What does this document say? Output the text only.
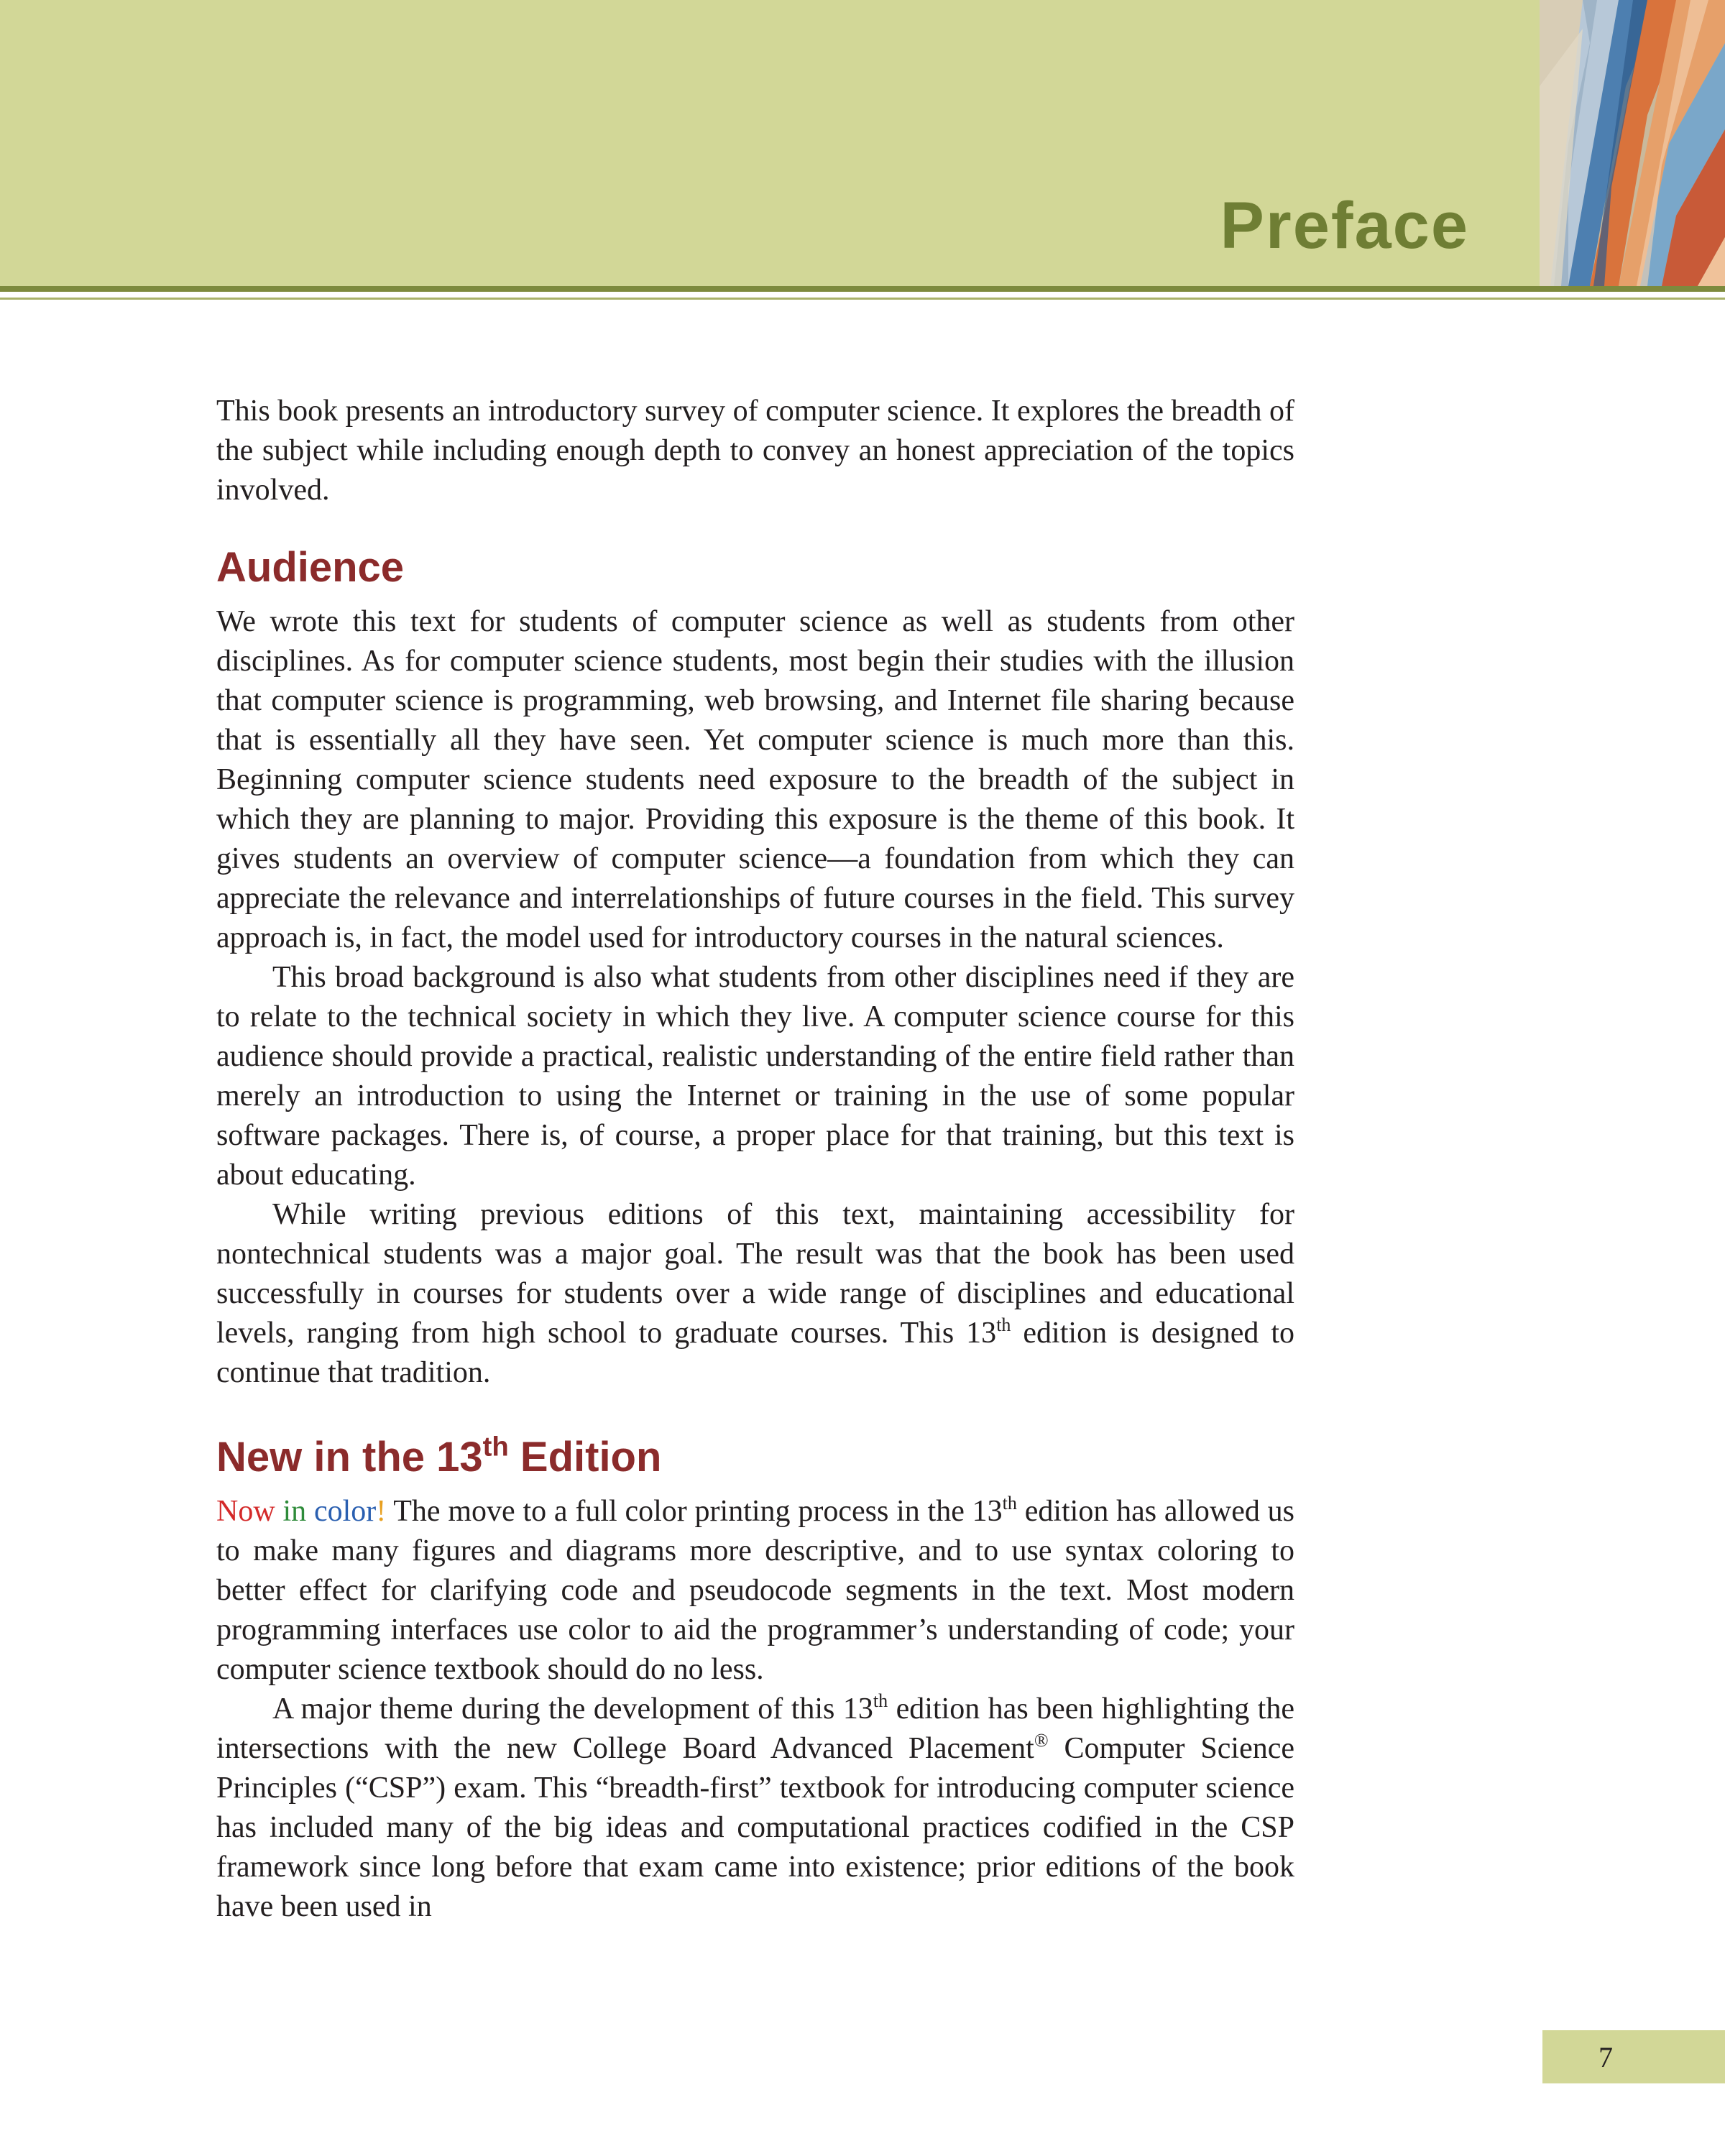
Preface

This book presents an introductory survey of computer science. It explores the breadth of the subject while including enough depth to convey an honest appreciation of the topics involved.

Audience

We wrote this text for students of computer science as well as students from other disciplines. As for computer science students, most begin their studies with the illusion that computer science is programming, web browsing, and Internet file sharing because that is essentially all they have seen. Yet computer science is much more than this. Beginning computer science students need exposure to the breadth of the subject in which they are planning to major. Providing this exposure is the theme of this book. It gives students an overview of computer science—a foundation from which they can appreciate the relevance and interrelationships of future courses in the field. This survey approach is, in fact, the model used for introductory courses in the natural sciences.

This broad background is also what students from other disciplines need if they are to relate to the technical society in which they live. A computer science course for this audience should provide a practical, realistic understanding of the entire field rather than merely an introduction to using the Internet or training in the use of some popular software packages. There is, of course, a proper place for that training, but this text is about educating.

While writing previous editions of this text, maintaining accessibility for nontechnical students was a major goal. The result was that the book has been used successfully in courses for students over a wide range of disciplines and educational levels, ranging from high school to graduate courses. This 13th edition is designed to continue that tradition.

New in the 13th Edition

Now in color! The move to a full color printing process in the 13th edition has allowed us to make many figures and diagrams more descriptive, and to use syntax coloring to better effect for clarifying code and pseudocode segments in the text. Most modern programming interfaces use color to aid the programmer’s understanding of code; your computer science textbook should do no less.

A major theme during the development of this 13th edition has been highlighting the intersections with the new College Board Advanced Placement® Computer Science Principles (“CSP”) exam. This “breadth-first” textbook for introducing computer science has included many of the big ideas and computational practices codified in the CSP framework since long before that exam came into existence; prior editions of the book have been used in

7
